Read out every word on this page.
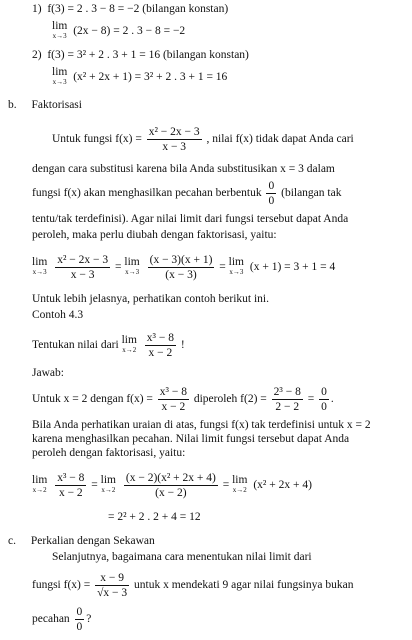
1) f(3) = 2 . 3 − 8 = −2 (bilangan konstan)
lim
x→3 (2x − 8) = 2 . 3 − 8 = −2
2) f(3) = 3² + 2 . 3 + 1 = 16 (bilangan konstan)
lim
x→3 (x² + 2x + 1) = 3² + 2 . 3 + 1 = 16
b. Faktorisasi
Untuk fungsi $f(x) = \frac{\text{x² − 2x − 3}}{x - 3}$ , nilai f(x) tidak dapat Anda cari
dengan cara substitusi karena bila Anda substitusikan x = 3 dalam
fungsi f(x) akan menghasilkan pecahan berbentuk $\frac{0}{0}$ (bilangan tak
tentu/tak terdefinisi). Agar nilai limit dari fungsi tersebut dapat Anda
peroleh, maka perlu diubah dengan faktorisasi, yaitu:
lim
x→3
$\frac{\text{x² − 2x − 3}}{x - 3} = \lim$
x→3
$\frac{(x - 3)(x + 1)}{(x - 3)} = \lim$
x→3 (x + 1) = 3 + 1 = 4
Untuk lebih jelasnya, perhatikan contoh berikut ini.
Contoh 4.3
Tentukan nilai dari lim
x→2
$\frac{\text{x³ − 8}}{x - 2}$ !
Jawab:
Untuk x = 2 dengan $f(x) = \frac{\text{x³ − 8}}{x - 2}$ diperoleh $f(2) = \frac{\text{2³ − 8}}{2 - 2} = \frac{0}{0}$ .
Bila Anda perhatikan uraian di atas, fungsi f(x) tak terdefinisi untuk x = 2
karena menghasilkan pecahan. Nilai limit fungsi tersebut dapat Anda
peroleh dengan faktorisasi, yaitu:
lim
x→2
$\frac{\text{x³ − 8}}{x - 2} = \lim$
x→2
$\frac{\text{(x − 2)(x² + 2x + 4)}}{(x - 2)} = \lim$
x→2 (x² + 2x + 4)
= 2² + 2 . 2 + 4 = 12
c. Perkalian dengan Sekawan
Selanjutnya, bagaimana cara menentukan nilai limit dari
fungsi $f(x) = \frac{x - 9}{√x - 3}$ untuk x mendekati 9 agar nilai fungsinya bukan
pecahan $\frac{0}{0}$ ?
